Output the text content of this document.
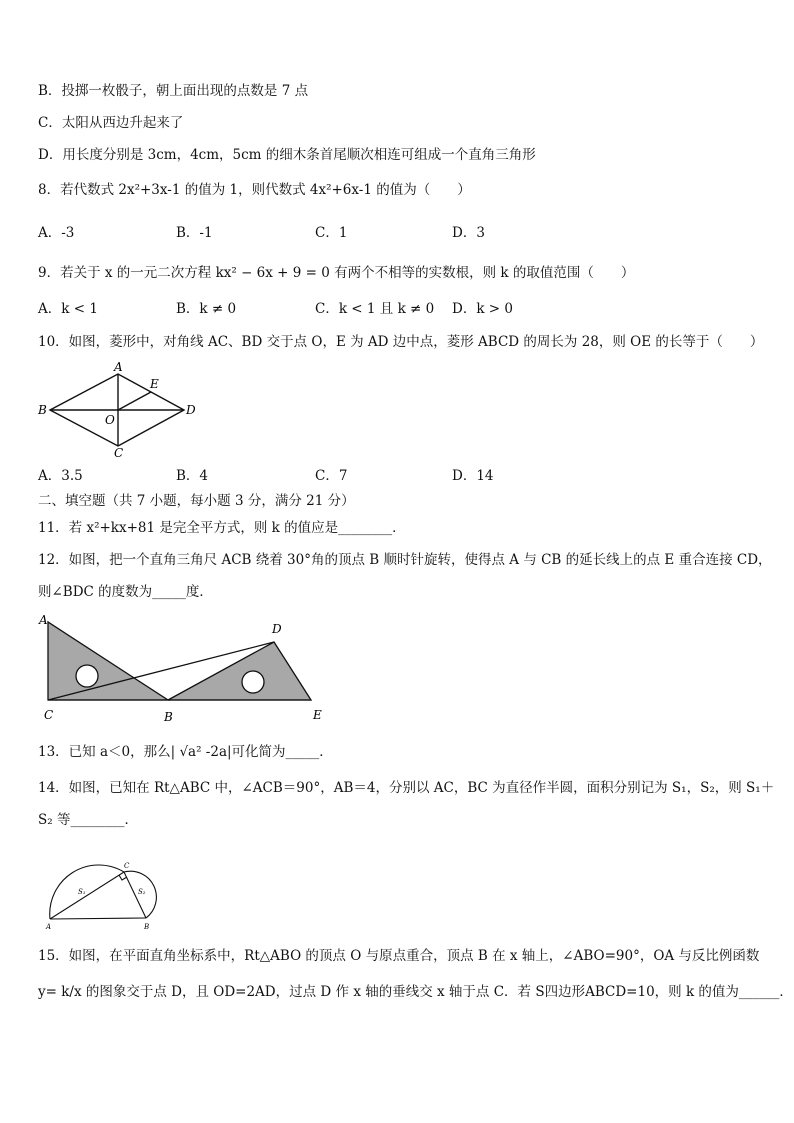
B．投掷一枚骰子，朝上面出现的点数是 7 点
C．太阳从西边升起来了
D．用长度分别是 3cm，4cm，5cm 的细木条首尾顺次相连可组成一个直角三角形
8．若代数式 2x²+3x-1 的值为 1，则代数式 4x²+6x-1 的值为（　　）
A．-3	B．-1	C．1	D．3
9．若关于 x 的一元二次方程 kx² − 6x + 9 = 0 有两个不相等的实数根，则 k 的取值范围（　　）
A．k < 1	B．k ≠ 0	C．k < 1 且 k ≠ 0 D．k > 0
10．如图，菱形中，对角线 AC、BD 交于点 O，E 为 AD 边中点，菱形 ABCD 的周长为 28，则 OE 的长等于（　　）
A
B	D
C
E
O
A．3.5	B．4	C．7	D．14
二、填空题（共 7 小题，每小题 3 分，满分 21 分）
11．若 x²+kx+81 是完全平方式，则 k 的值应是________．
12．如图，把一个直角三角尺 ACB 绕着 30°角的顶点 B 顺时针旋转，使得点 A 与 CB 的延长线上的点 E 重合连接 CD，
则∠BDC 的度数为_____度．
A
C	B
D
E
13．已知 a＜0，那么| √a² -2a|可化简为_____．
14．如图，已知在 Rt△ABC 中，∠ACB＝90°，AB＝4，分别以 AC，BC 为直径作半圆，面积分别记为 S₁，S₂，则 S₁＋
S₂ 等________．
A	B
C
S₁	S₂
15．如图，在平面直角坐标系中，Rt△ABO 的顶点 O 与原点重合，顶点 B 在 x 轴上，∠ABO=90°，OA 与反比例函数
y= k/x 的图象交于点 D，且 OD=2AD，过点 D 作 x 轴的垂线交 x 轴于点 C．若 S四边形ABCD=10，则 k 的值为______．
